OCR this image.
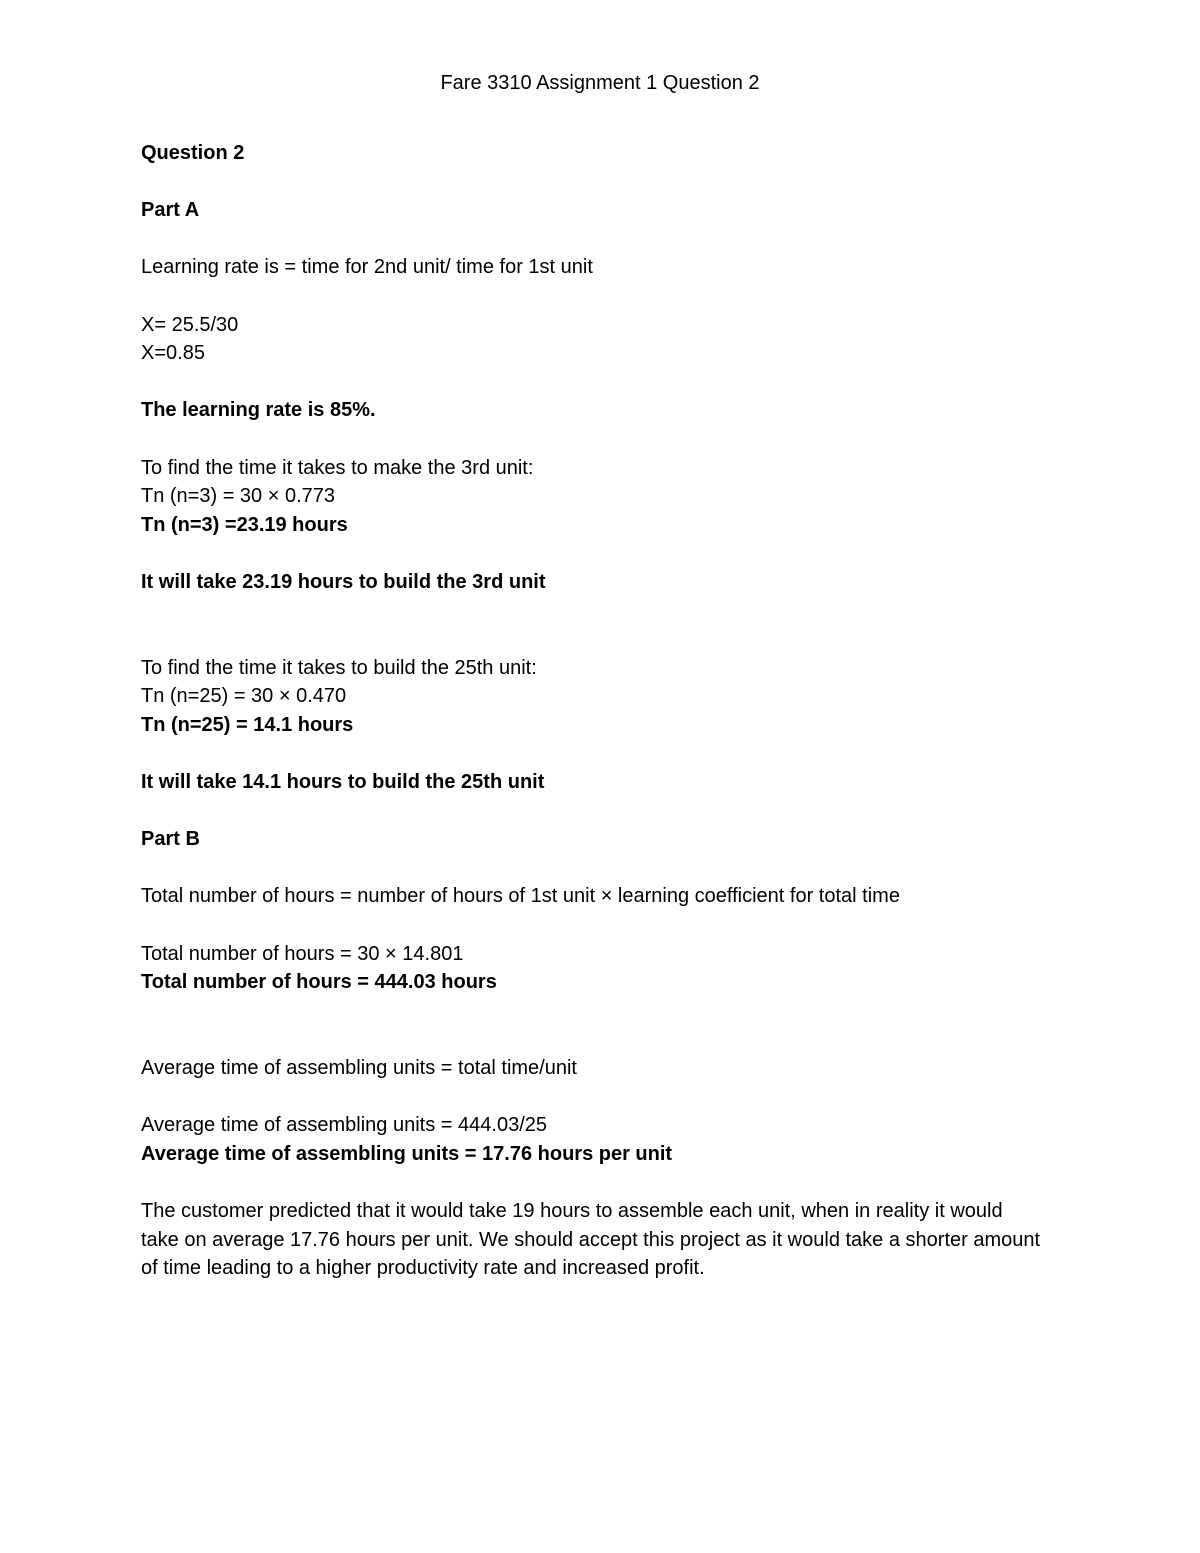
Fare 3310 Assignment 1 Question 2
Question 2
Part A
Learning rate is = time for 2nd unit/ time for 1st unit
X= 25.5/30
X=0.85
The learning rate is 85%.
To find the time it takes to make the 3rd unit:
Tn (n=3) = 30 × 0.773
Tn (n=3) =23.19 hours
It will take 23.19 hours to build the 3rd unit
To find the time it takes to build the 25th unit:
Tn (n=25) = 30 × 0.470
Tn (n=25) = 14.1 hours
It will take 14.1 hours to build the 25th unit
Part B
Total number of hours = number of hours of 1st unit × learning coefficient for total time
Total number of hours = 30 × 14.801
Total number of hours = 444.03 hours
Average time of assembling units = total time/unit
Average time of assembling units = 444.03/25
Average time of assembling units = 17.76 hours per unit
The customer predicted that it would take 19 hours to assemble each unit, when in reality it would take on average 17.76 hours per unit. We should accept this project as it would take a shorter amount of time leading to a higher productivity rate and increased profit.
